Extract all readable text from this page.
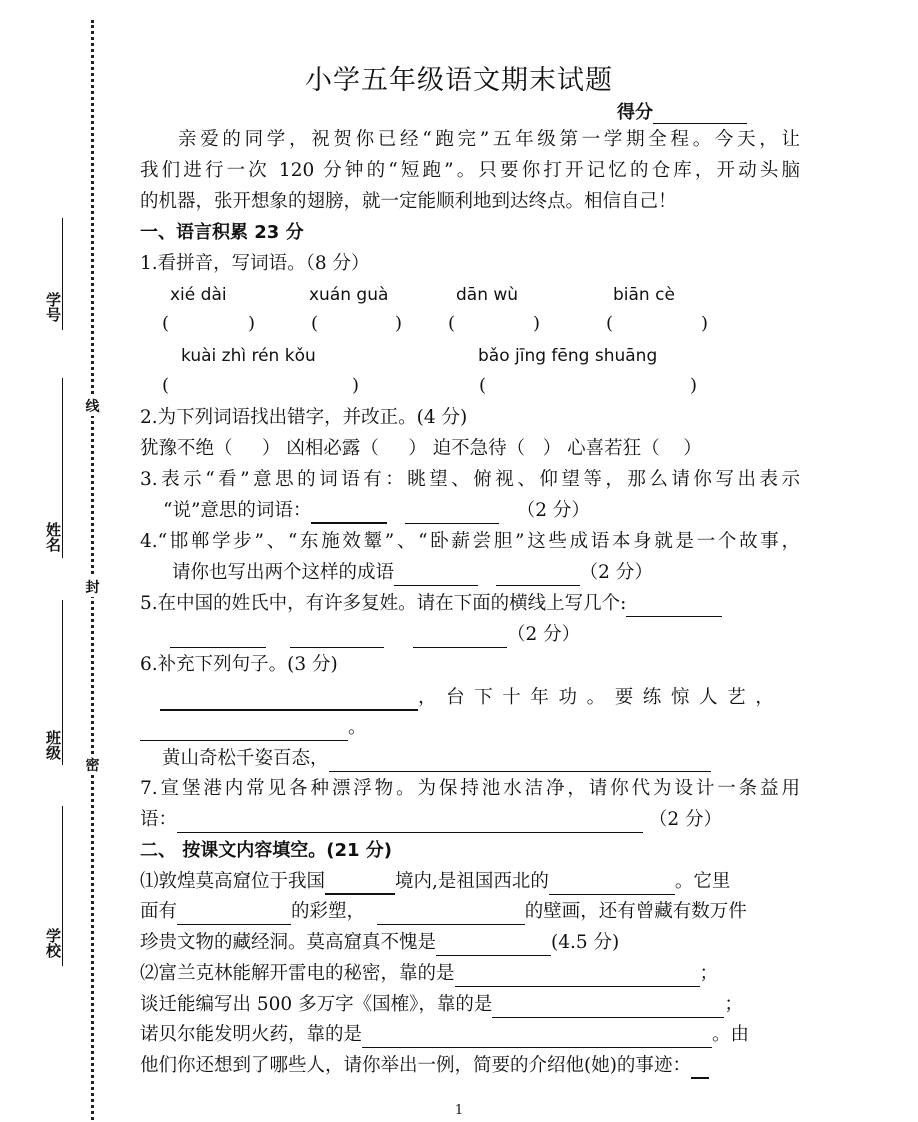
学号
姓名
班级
学校
线
封
密
小学五年级语文期末试题
得分
亲爱的同学，祝贺你已经“跑完”五年级第一学期全程。今天，让
我们进行一次 120 分钟的“短跑”。只要你打开记忆的仓库，开动头脑
的机器，张开想象的翅膀，就一定能顺利地到达终点。相信自己！
一、语言积累 23 分
1.看拼音，写词语。（8 分）
xié dài	xuán guà	dān wù	biān cè
(	)	(	)	(	)	(	)
kuài zhì rén kǒu	bǎo jīng fēng shuāng
(	)	(	)
2.为下列词语找出错字，并改正。(4 分)
犹豫不绝（     ） 凶相必露（     ） 迫不急待（   ） 心喜若狂（    ）
3.表示“看”意思的词语有：眺望、俯视、仰望等，那么请你写出表示
“说”意思的词语：	（2 分）
4.“邯郸学步”、“东施效颦”、“卧薪尝胆”这些成语本身就是一个故事，
请你也写出两个这样的成语	（2 分）
5.在中国的姓氏中，有许多复姓。请在下面的横线上写几个:
（2 分）
6.补充下列句子。(3 分)
，台下十年功。要练惊人艺，
。
黄山奇松千姿百态，
7.宣堡港内常见各种漂浮物。为保持池水洁净，请你代为设计一条益用
语：	（2 分）
二、 按课文内容填空。(21 分)
⑴敦煌莫高窟位于我国	境内,是祖国西北的	。它里
面有	的彩塑，	的壁画，还有曾藏有数万件
珍贵文物的藏经洞。莫高窟真不愧是	(4.5 分)
⑵富兰克林能解开雷电的秘密，靠的是	；
谈迁能编写出 500 多万字《国榷》，靠的是	；
诺贝尔能发明火药，靠的是	。由
他们你还想到了哪些人，请你举出一例，简要的介绍他(她)的事迹：
1
